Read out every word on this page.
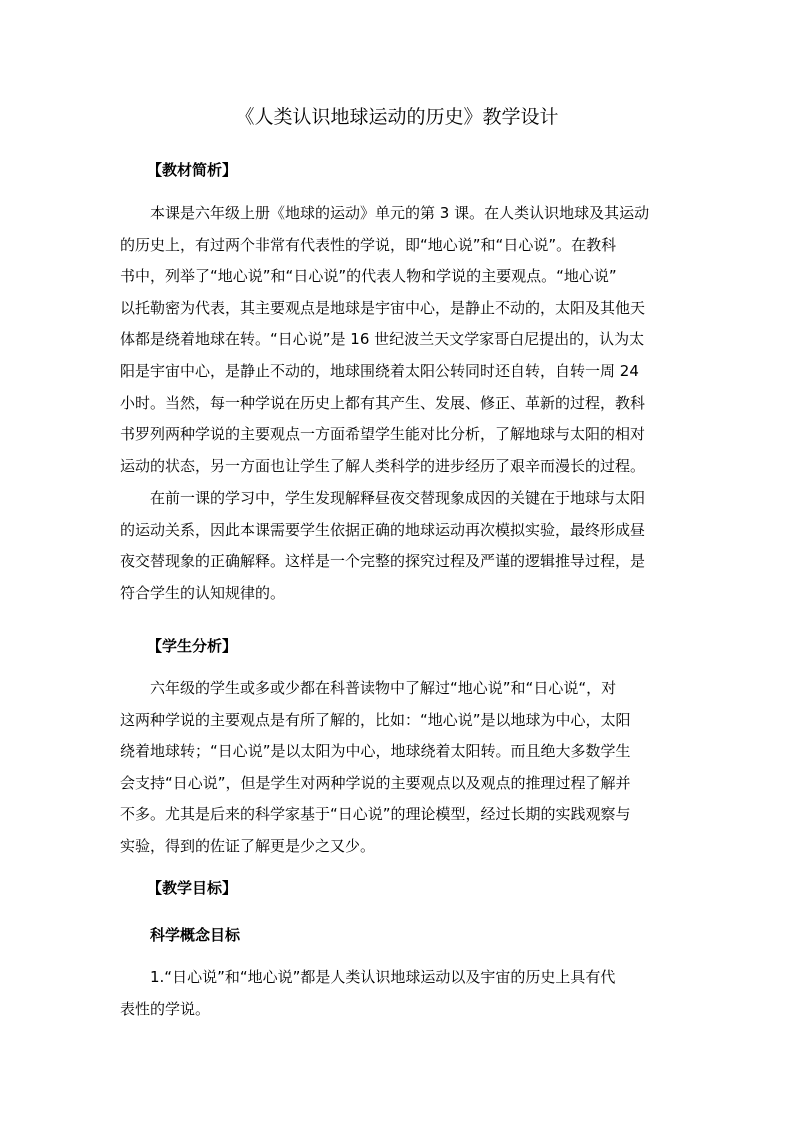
《人类认识地球运动的历史》教学设计
【教材简析】
本课是六年级上册《地球的运动》单元的第 3 课。在人类认识地球及其运动
的历史上，有过两个非常有代表性的学说，即“地心说”和“日心说”。在教科
书中，列举了“地心说”和“日心说”的代表人物和学说的主要观点。“地心说”
以托勒密为代表，其主要观点是地球是宇宙中心，是静止不动的，太阳及其他天
体都是绕着地球在转。“日心说”是 16 世纪波兰天文学家哥白尼提出的，认为太
阳是宇宙中心，是静止不动的，地球围绕着太阳公转同时还自转，自转一周 24
小时。当然，每一种学说在历史上都有其产生、发展、修正、革新的过程，教科
书罗列两种学说的主要观点一方面希望学生能对比分析，了解地球与太阳的相对
运动的状态，另一方面也让学生了解人类科学的进步经历了艰辛而漫长的过程。
在前一课的学习中，学生发现解释昼夜交替现象成因的关键在于地球与太阳
的运动关系，因此本课需要学生依据正确的地球运动再次模拟实验，最终形成昼
夜交替现象的正确解释。这样是一个完整的探究过程及严谨的逻辑推导过程，是
符合学生的认知规律的。
【学生分析】
六年级的学生或多或少都在科普读物中了解过“地心说”和“日心说“，对
这两种学说的主要观点是有所了解的，比如：“地心说”是以地球为中心，太阳
绕着地球转；“日心说”是以太阳为中心，地球绕着太阳转。而且绝大多数学生
会支持“日心说”，但是学生对两种学说的主要观点以及观点的推理过程了解并
不多。尤其是后来的科学家基于“日心说”的理论模型，经过长期的实践观察与
实验，得到的佐证了解更是少之又少。
【教学目标】
科学概念目标
1.“日心说”和“地心说”都是人类认识地球运动以及宇宙的历史上具有代
表性的学说。
